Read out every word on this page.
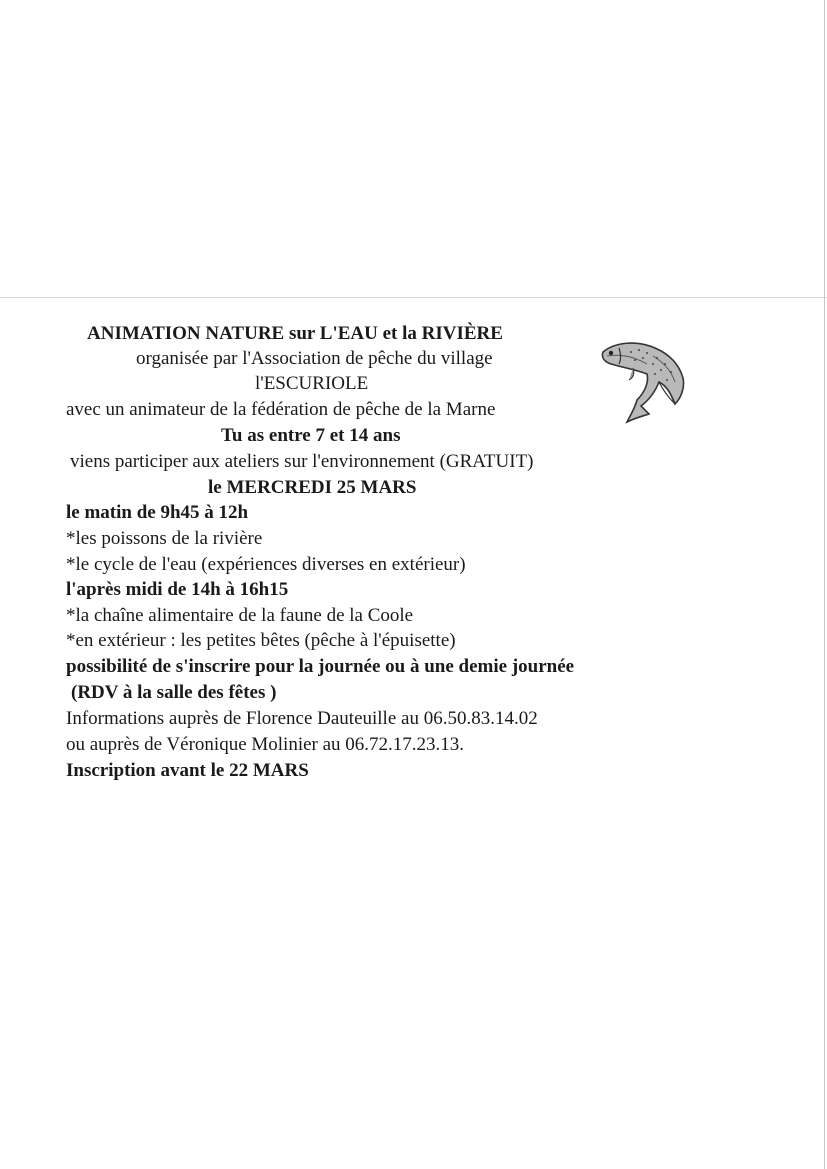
ANIMATION NATURE sur L'EAU et la RIVIÈRE
organisée par l'Association de pêche du village
l'ESCURIOLE
avec un animateur de la fédération de pêche de la Marne
Tu as entre 7 et 14 ans
viens participer aux ateliers sur l'environnement (GRATUIT)
le MERCREDI 25 MARS
le matin de 9h45 à 12h
*les poissons de la rivière
*le cycle de l'eau (expériences diverses en extérieur)
l'après midi de 14h à 16h15
*la chaîne alimentaire de la faune de la Coole
*en extérieur : les petites bêtes (pêche à l'épuisette)
possibilité de s'inscrire pour la journée ou à une demie journée
(RDV à la salle des fêtes )
Informations auprès de Florence Dauteuille au 06.50.83.14.02
ou auprès de Véronique Molinier au 06.72.17.23.13.
Inscription avant le 22 MARS
